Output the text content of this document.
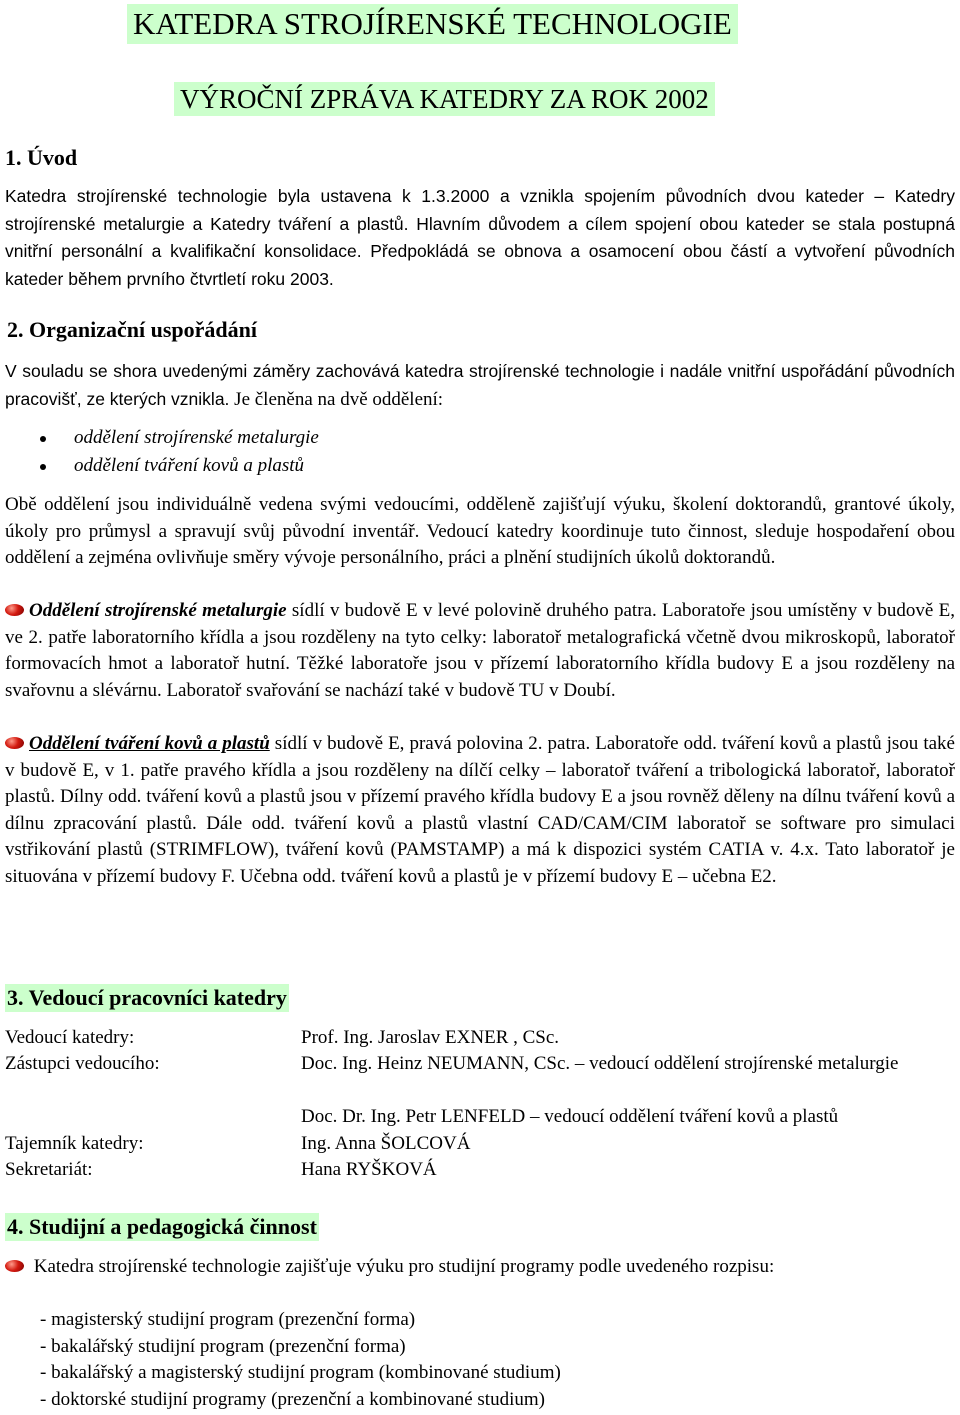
KATEDRA STROJÍRENSKÉ TECHNOLOGIE
VÝROČNÍ ZPRÁVA KATEDRY ZA ROK 2002
1. Úvod

Katedra strojírenské technologie byla ustavena k 1.3.2000 a vznikla spojením původních dvou kateder – Katedry strojírenské metalurgie a Katedry tváření a plastů. Hlavním důvodem a cílem spojení obou kateder se stala postupná vnitřní personální a kvalifikační konsolidace. Předpokládá se obnova a osamocení obou částí a vytvoření původních kateder během prvního čtvrtletí roku 2003.

2. Organizační uspořádání

V souladu se shora uvedenými záměry zachovává katedra strojírenské technologie i nadále vnitřní uspořádání původních pracovišť, ze kterých vznikla. Je členěna na dvě oddělení:

oddělení strojírenské metalurgie
oddělení tváření kovů a plastů

Obě oddělení jsou individuálně vedena svými vedoucími, odděleně zajišťují výuku, školení doktorandů, grantové úkoly, úkoly pro průmysl a spravují svůj původní inventář. Vedoucí katedry koordinuje tuto činnost, sleduje hospodaření obou oddělení a zejména ovlivňuje směry vývoje personálního, práci a plnění studijních úkolů doktorandů.

Oddělení strojírenské metalurgie sídlí v budově E v levé polovině druhého patra. Laboratoře jsou umístěny v budově E, ve 2. patře laboratorního křídla a jsou rozděleny na tyto celky: laboratoř metalografická včetně dvou mikroskopů, laboratoř formovacích hmot a laboratoř hutní. Těžké laboratoře jsou v přízemí laboratorního křídla budovy E a jsou rozděleny na svařovnu a slévárnu. Laboratoř svařování se nachází také v budově TU v Doubí.

Oddělení tváření kovů a plastů sídlí v budově E, pravá polovina 2. patra. Laboratoře odd. tváření kovů a plastů jsou také v budově E, v 1. patře pravého křídla a jsou rozděleny na dílčí celky – laboratoř tváření a tribologická laboratoř, laboratoř plastů. Dílny odd. tváření kovů a plastů jsou v přízemí pravého křídla budovy E a jsou rovněž děleny na dílnu tváření kovů a dílnu zpracování plastů. Dále odd. tváření kovů a plastů vlastní CAD/CAM/CIM laboratoř se software pro simulaci vstřikování plastů (STRIMFLOW), tváření kovů (PAMSTAMP) a má k dispozici systém CATIA v. 4.x. Tato laboratoř je situována v přízemí budovy F. Učebna odd. tváření kovů a plastů je v přízemí budovy E – učebna E2.

3. Vedoucí pracovníci katedry
Vedoucí katedry:	Prof. Ing. Jaroslav EXNER , CSc.

Zástupci vedoucího:	Doc. Ing. Heinz NEUMANN, CSc. – vedoucí oddělení strojírenské metalurgie

Doc. Dr. Ing. Petr LENFELD – vedoucí oddělení tváření kovů a plastů

Tajemník katedry:	Ing. Anna ŠOLCOVÁ

Sekretariát:	Hana RYŠKOVÁ

4. Studijní a pedagogická činnost

Katedra strojírenské technologie zajišťuje výuku pro studijní programy podle uvedeného rozpisu:

- magisterský studijní program (prezenční forma)
- bakalářský studijní program (prezenční forma)
- bakalářský a magisterský studijní program (kombinované studium)
- doktorské studijní programy (prezenční a kombinované studium)
